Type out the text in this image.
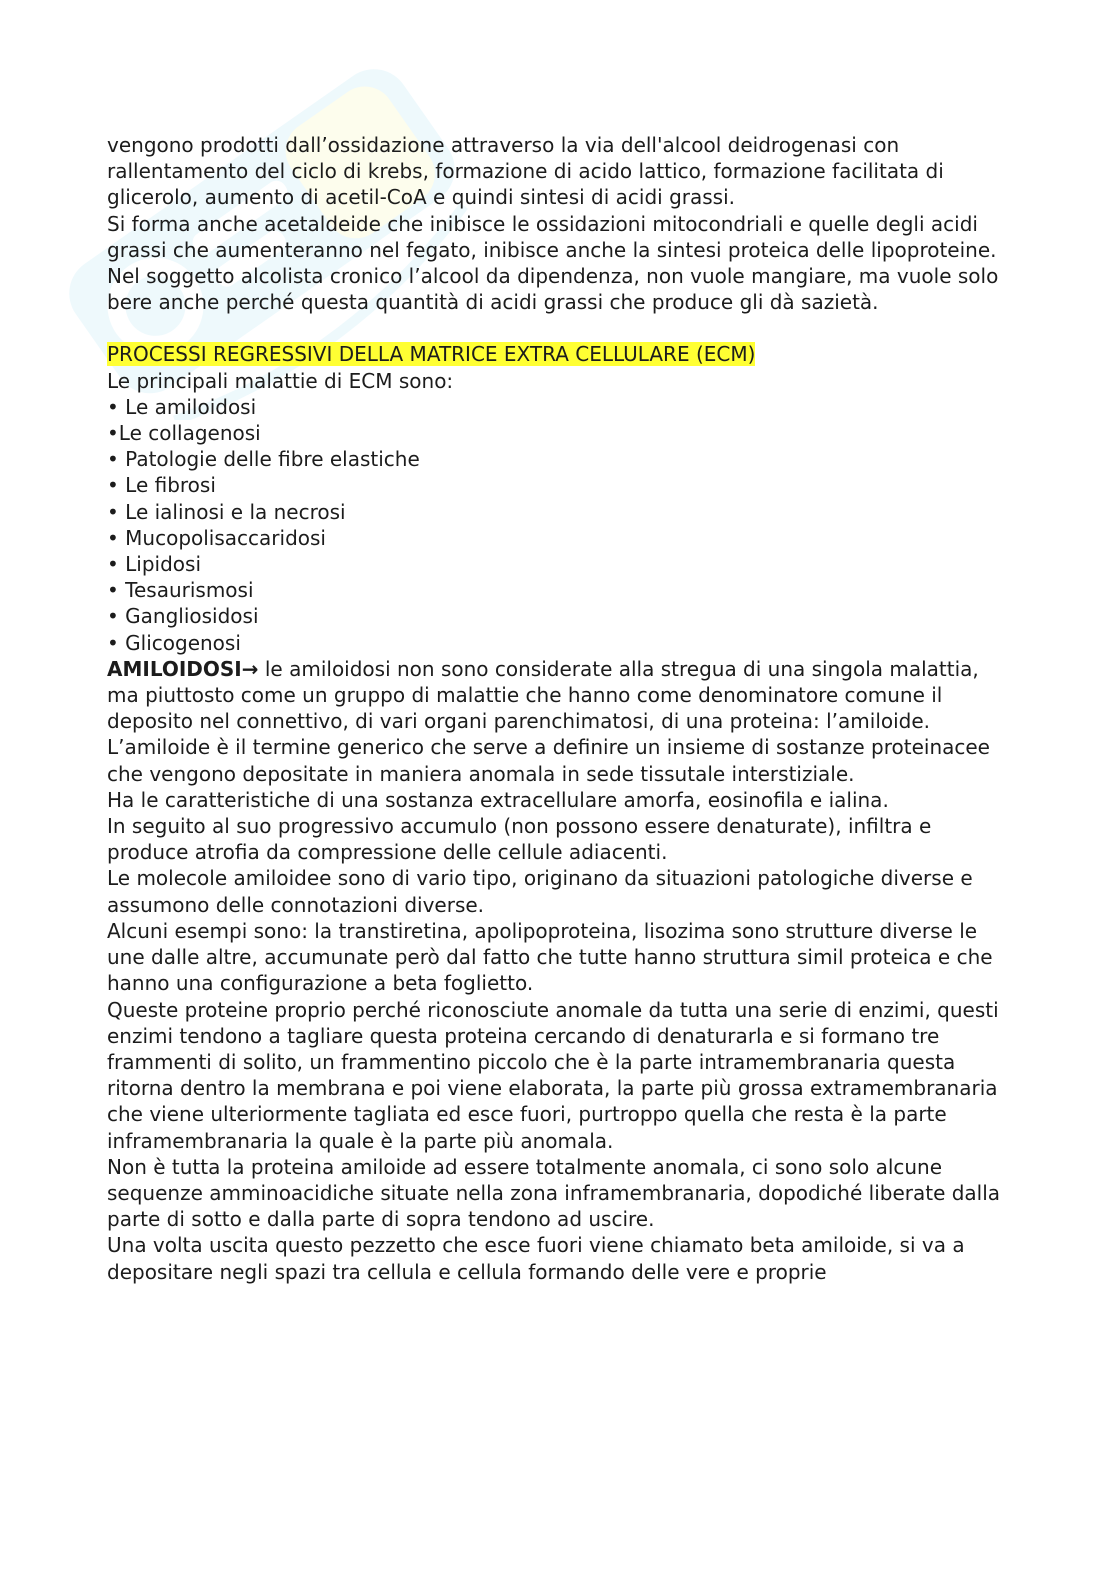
vengono prodotti dall’ossidazione attraverso la via dell'alcool deidrogenasi con rallentamento del ciclo di krebs, formazione di acido lattico, formazione facilitata di glicerolo, aumento di acetil-CoA e quindi sintesi di acidi grassi.

Si forma anche acetaldeide che inibisce le ossidazioni mitocondriali e quelle degli acidi grassi che aumenteranno nel fegato, inibisce anche la sintesi proteica delle lipoproteine.

Nel soggetto alcolista cronico l’alcool da dipendenza, non vuole mangiare, ma vuole solo bere anche perché questa quantità di acidi grassi che produce gli dà sazietà.

PROCESSI REGRESSIVI DELLA MATRICE EXTRA CELLULARE (ECM)

Le principali malattie di ECM sono:

• Le amiloidosi
•Le collagenosi
• Patologie delle fibre elastiche
• Le fibrosi
• Le ialinosi e la necrosi
• Mucopolisaccaridosi
• Lipidosi
• Tesaurismosi
• Gangliosidosi
• Glicogenosi

AMILOIDOSI→ le amiloidosi non sono considerate alla stregua di una singola malattia, ma piuttosto come un gruppo di malattie che hanno come denominatore comune il deposito nel connettivo, di vari organi parenchimatosi, di una proteina: l’amiloide.

L’amiloide è il termine generico che serve a definire un insieme di sostanze proteinacee che vengono depositate in maniera anomala in sede tissutale interstiziale.

Ha le caratteristiche di una sostanza extracellulare amorfa, eosinofila e ialina.

In seguito al suo progressivo accumulo (non possono essere denaturate), infiltra e produce atrofia da compressione delle cellule adiacenti.

Le molecole amiloidee sono di vario tipo, originano da situazioni patologiche diverse e assumono delle connotazioni diverse.

Alcuni esempi sono: la transtiretina, apolipoproteina, lisozima sono strutture diverse le une dalle altre, accumunate però dal fatto che tutte hanno struttura simil proteica e che hanno una configurazione a beta foglietto.

Queste proteine proprio perché riconosciute anomale da tutta una serie di enzimi, questi enzimi tendono a tagliare questa proteina cercando di denaturarla e si formano tre frammenti di solito, un frammentino piccolo che è la parte intramembranaria questa ritorna dentro la membrana e poi viene elaborata, la parte più grossa extramembranaria che viene ulteriormente tagliata ed esce fuori, purtroppo quella che resta è la parte inframembranaria la quale è la parte più anomala.

Non è tutta la proteina amiloide ad essere totalmente anomala, ci sono solo alcune sequenze amminoacidiche situate nella zona inframembranaria, dopodiché liberate dalla parte di sotto e dalla parte di sopra tendono ad uscire.

Una volta uscita questo pezzetto che esce fuori viene chiamato beta amiloide, si va a depositare negli spazi tra cellula e cellula formando delle vere e proprie
